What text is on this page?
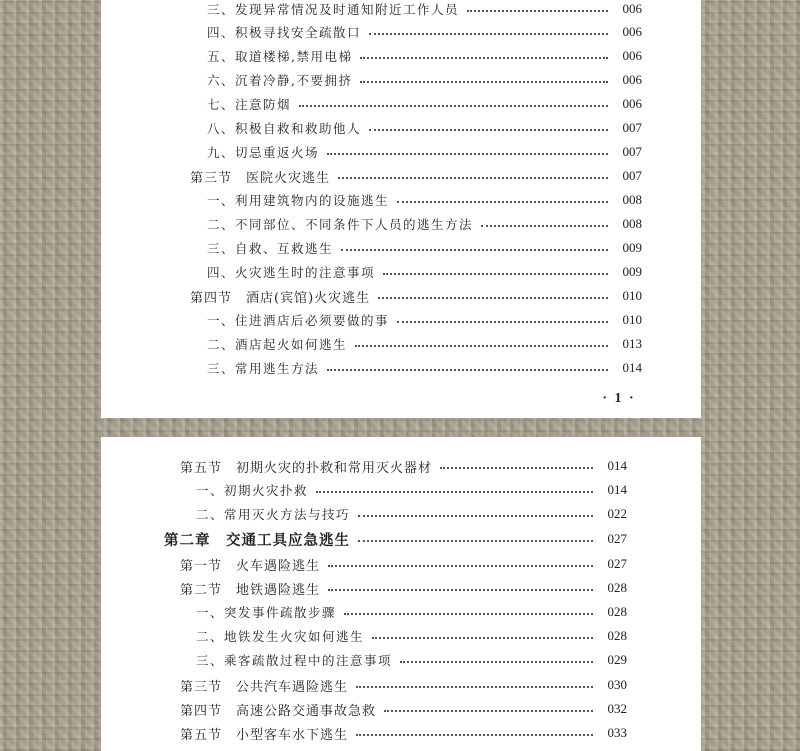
三、发现异常情况及时通知附近工作人员	006
四、积极寻找安全疏散口	006
五、取道楼梯,禁用电梯	006
六、沉着冷静,不要拥挤	006
七、注意防烟	006
八、积极自救和救助他人	007
九、切忌重返火场	007
第三节　医院火灾逃生	007
一、利用建筑物内的设施逃生	008
二、不同部位、不同条件下人员的逃生方法	008
三、自救、互救逃生	009
四、火灾逃生时的注意事项	009
第四节　酒店(宾馆)火灾逃生	010
一、住进酒店后必须要做的事	010
二、酒店起火如何逃生	013
三、常用逃生方法	014
· 1 ·
第五节　初期火灾的扑救和常用灭火器材	014
一、初期火灾扑救	014
二、常用灭火方法与技巧	022
第二章　交通工具应急逃生	027
第一节　火车遇险逃生	027
第二节　地铁遇险逃生	028
一、突发事件疏散步骤	028
二、地铁发生火灾如何逃生	028
三、乘客疏散过程中的注意事项	029
第三节　公共汽车遇险逃生	030
第四节　高速公路交通事故急救	032
第五节　小型客车水下逃生	033
